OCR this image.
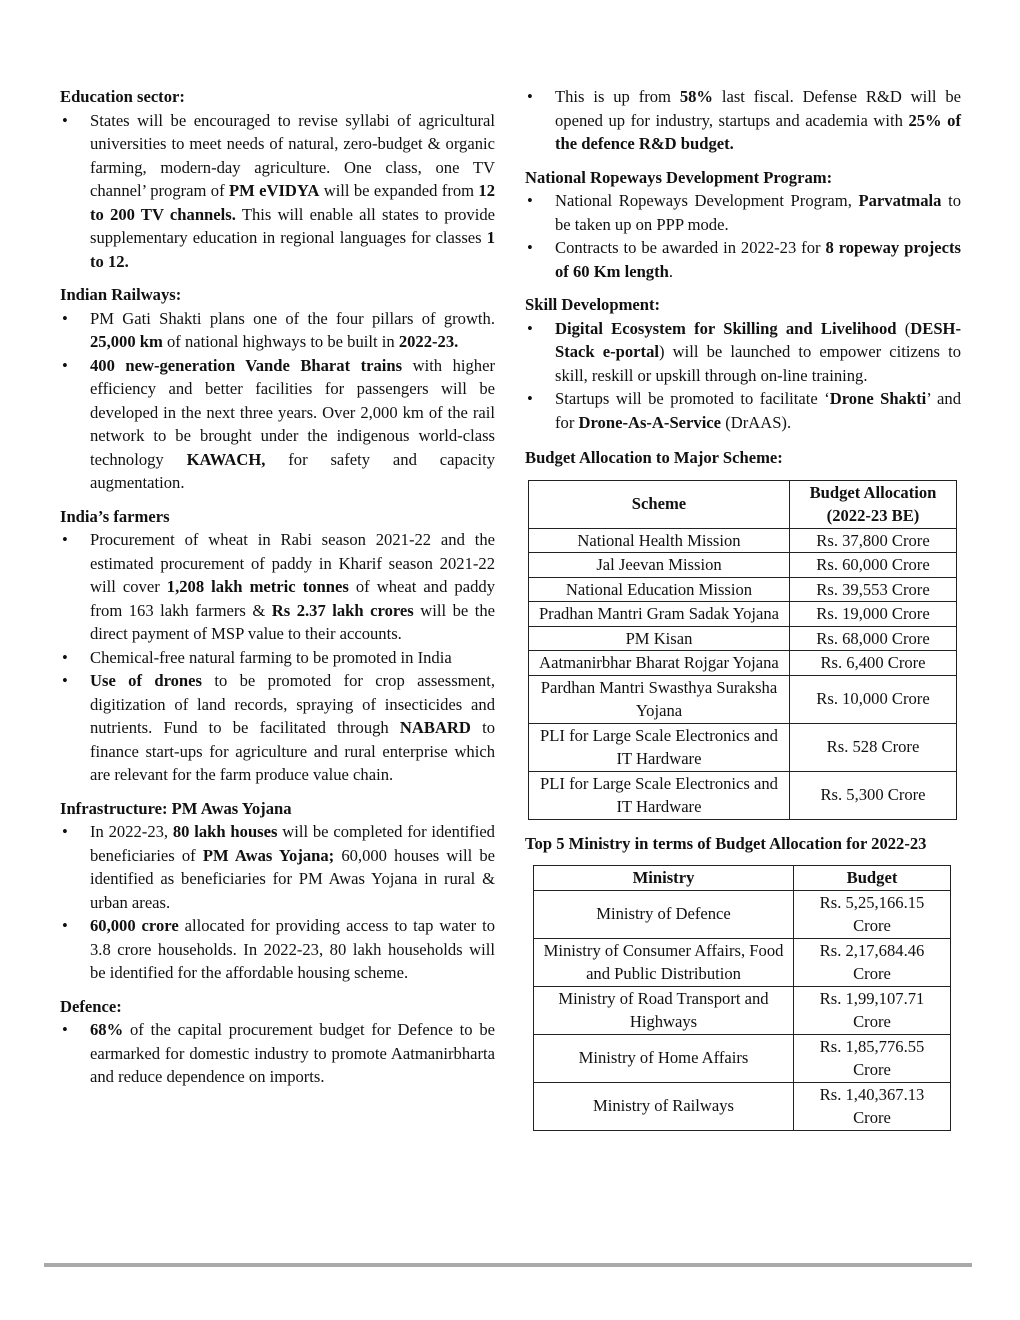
Education sector:
• States will be encouraged to revise syllabi of agricultural universities to meet needs of natural, zero-budget & organic farming, modern-day agriculture. One class, one TV channel’ program of PM eVIDYA will be expanded from 12 to 200 TV channels. This will enable all states to provide supplementary education in regional languages for classes 1 to 12.
Indian Railways:
• PM Gati Shakti plans one of the four pillars of growth. 25,000 km of national highways to be built in 2022-23.
• 400 new-generation Vande Bharat trains with higher efficiency and better facilities for passengers will be developed in the next three years. Over 2,000 km of the rail network to be brought under the indigenous world-class technology KAWACH, for safety and capacity augmentation.
India’s farmers
• Procurement of wheat in Rabi season 2021-22 and the estimated procurement of paddy in Kharif season 2021-22 will cover 1,208 lakh metric tonnes of wheat and paddy from 163 lakh farmers & Rs 2.37 lakh crores will be the direct payment of MSP value to their accounts.
• Chemical-free natural farming to be promoted in India
• Use of drones to be promoted for crop assessment, digitization of land records, spraying of insecticides and nutrients. Fund to be facilitated through NABARD to finance start-ups for agriculture and rural enterprise which are relevant for the farm produce value chain.
Infrastructure: PM Awas Yojana
• In 2022-23, 80 lakh houses will be completed for identified beneficiaries of PM Awas Yojana; 60,000 houses will be identified as beneficiaries for PM Awas Yojana in rural & urban areas.
• 60,000 crore allocated for providing access to tap water to 3.8 crore households. In 2022-23, 80 lakh households will be identified for the affordable housing scheme.
Defence:
• 68% of the capital procurement budget for Defence to be earmarked for domestic industry to promote Aatmanirbharta and reduce dependence on imports.
• This is up from 58% last fiscal. Defense R&D will be opened up for industry, startups and academia with 25% of the defence R&D budget.
National Ropeways Development Program:
• National Ropeways Development Program, Parvatmala to be taken up on PPP mode.
• Contracts to be awarded in 2022-23 for 8 ropeway projects of 60 Km length.
Skill Development:
• Digital Ecosystem for Skilling and Livelihood (DESH-Stack e-portal) will be launched to empower citizens to skill, reskill or upskill through on-line training.
• Startups will be promoted to facilitate ‘Drone Shakti’ and for Drone-As-A-Service (DrAAS).
Budget Allocation to Major Scheme:
Scheme	Budget Allocation (2022-23 BE)
National Health Mission	Rs. 37,800 Crore
Jal Jeevan Mission	Rs. 60,000 Crore
National Education Mission	Rs. 39,553 Crore
Pradhan Mantri Gram Sadak Yojana	Rs. 19,000 Crore
PM Kisan	Rs. 68,000 Crore
Aatmanirbhar Bharat Rojgar Yojana	Rs. 6,400 Crore
Pardhan Mantri Swasthya Suraksha Yojana	Rs. 10,000 Crore
PLI for Large Scale Electronics and IT Hardware	Rs. 528 Crore
PLI for Large Scale Electronics and IT Hardware	Rs. 5,300 Crore
Top 5 Ministry in terms of Budget Allocation for 2022-23
Ministry	Budget
Ministry of Defence	Rs. 5,25,166.15 Crore
Ministry of Consumer Affairs, Food and Public Distribution	Rs. 2,17,684.46 Crore
Ministry of Road Transport and Highways	Rs. 1,99,107.71 Crore
Ministry of Home Affairs	Rs. 1,85,776.55 Crore
Ministry of Railways	Rs. 1,40,367.13 Crore
